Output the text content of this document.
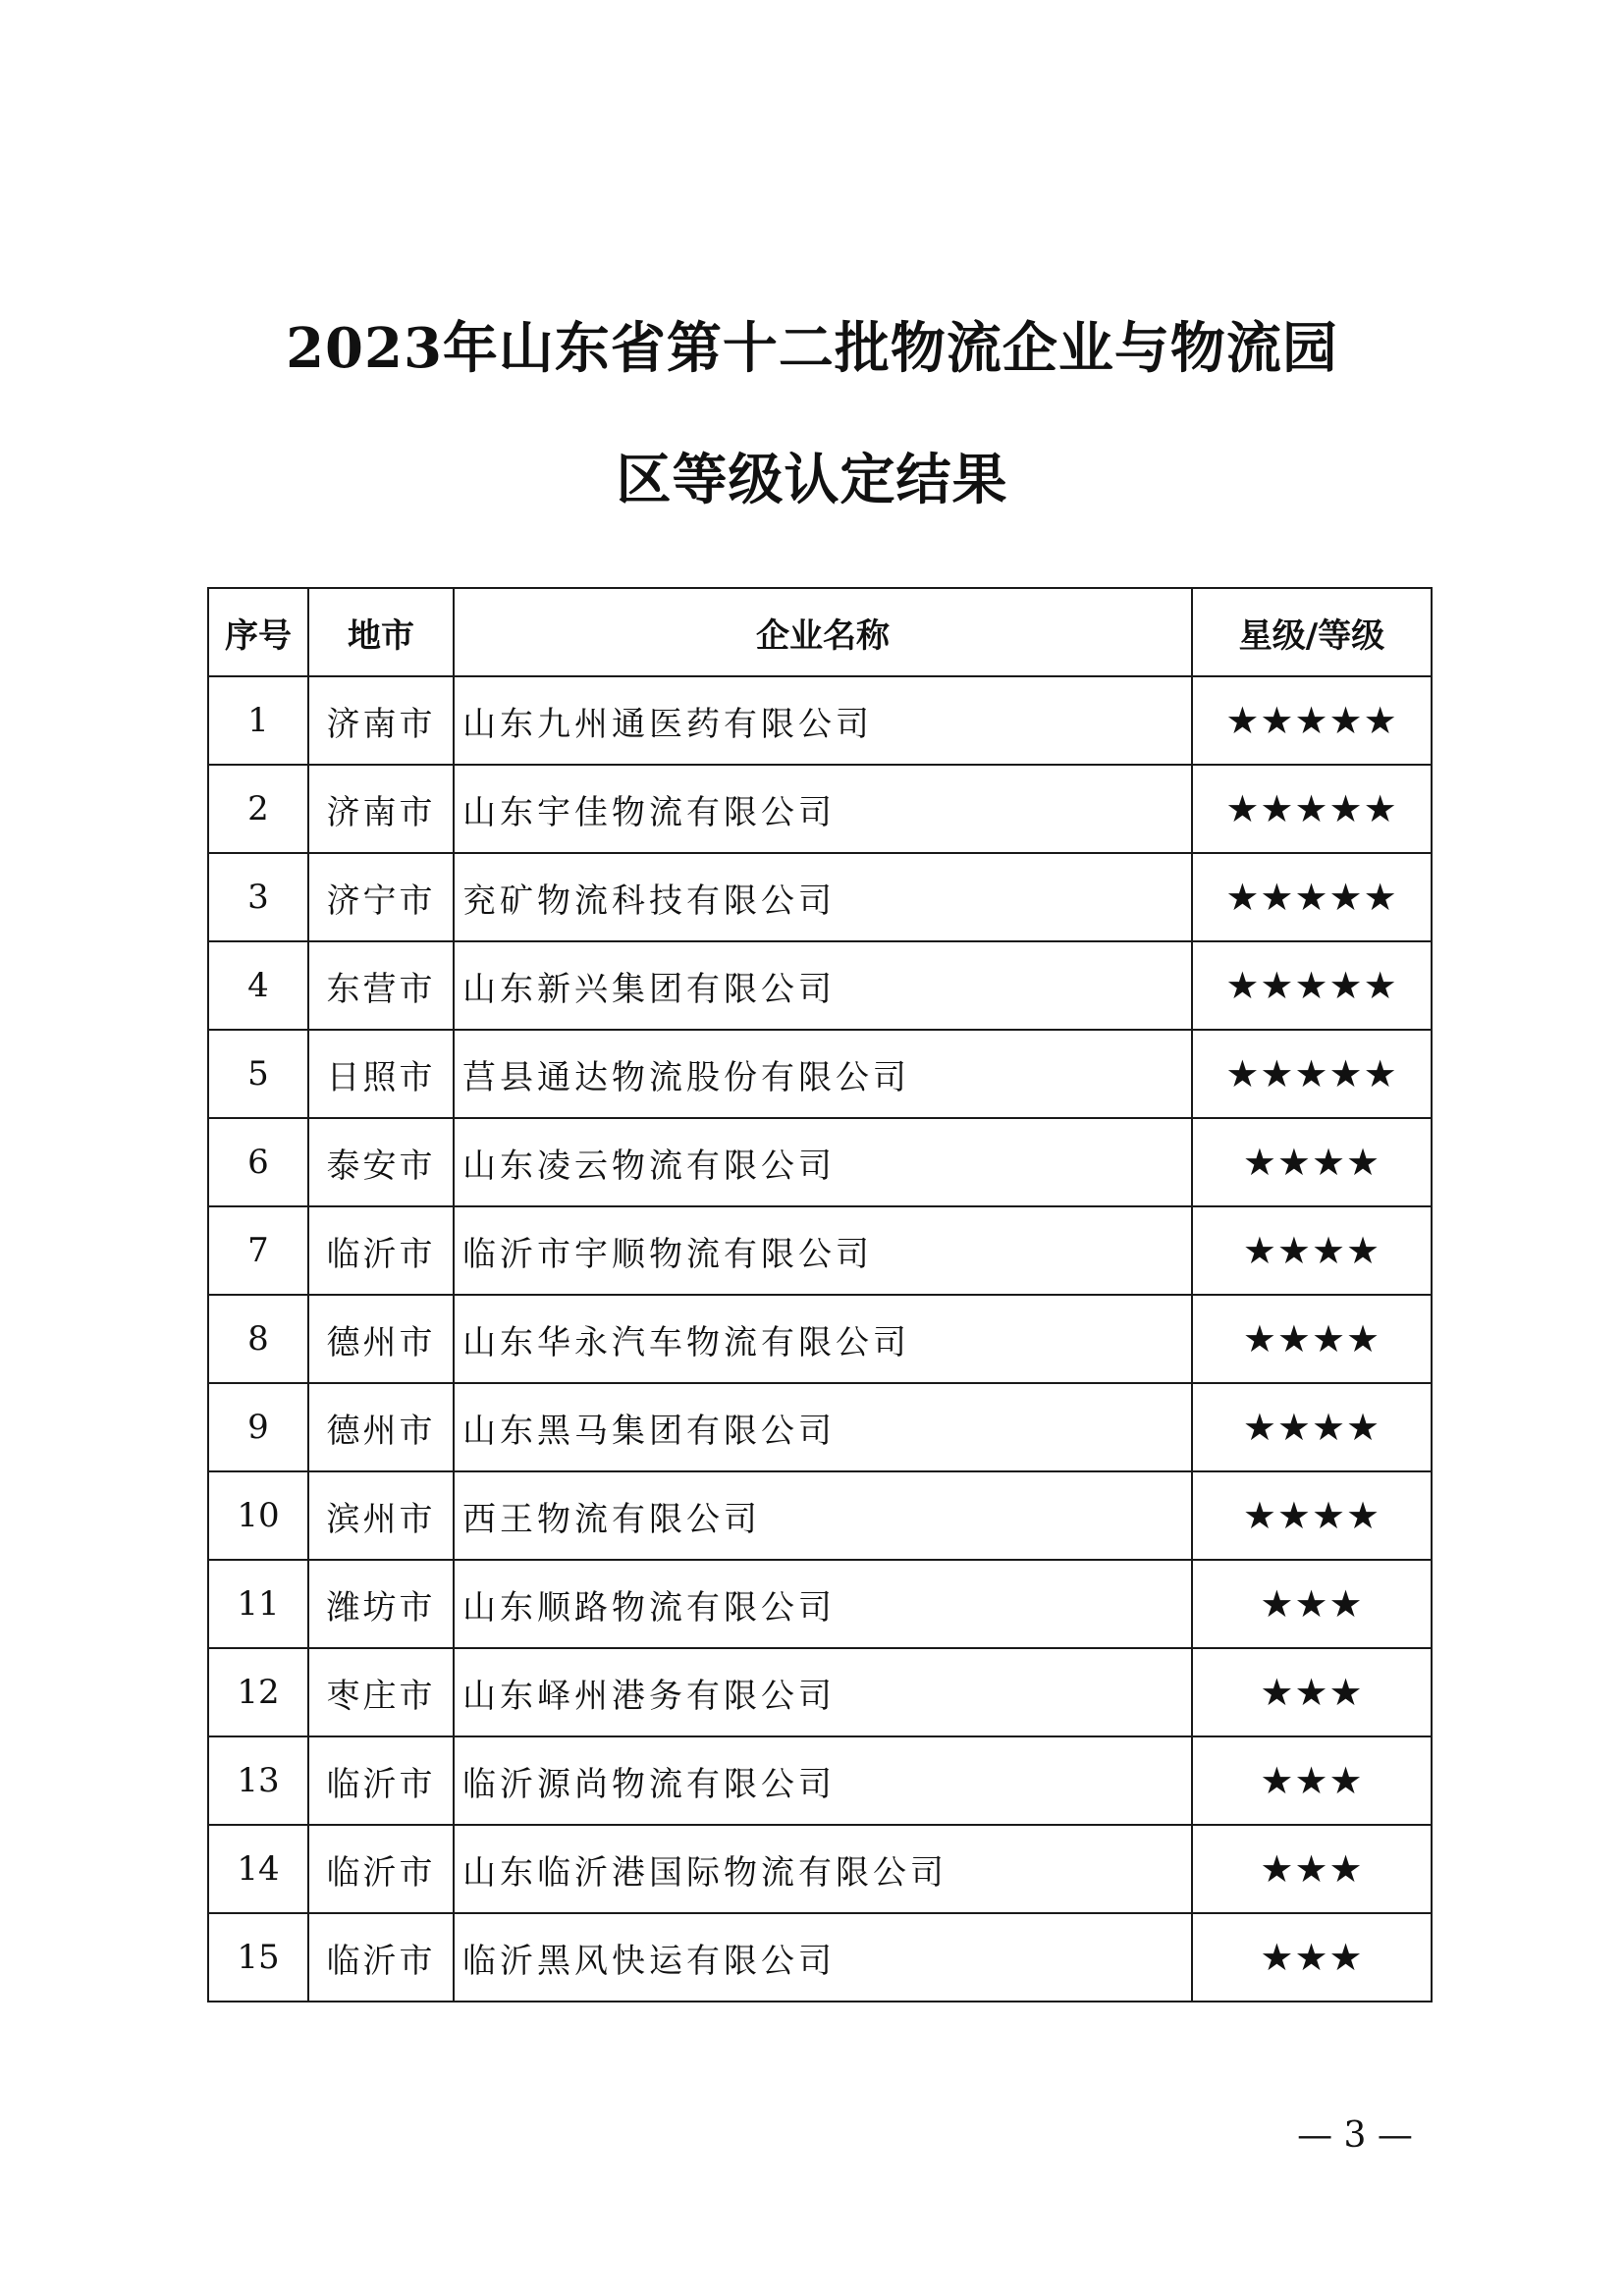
2023年山东省第十二批物流企业与物流园
区等级认定结果
序号	地市	企业名称	星级/等级
1	济南市	山东九州通医药有限公司	★★★★★
2	济南市	山东宇佳物流有限公司	★★★★★
3	济宁市	兖矿物流科技有限公司	★★★★★
4	东营市	山东新兴集团有限公司	★★★★★
5	日照市	莒县通达物流股份有限公司	★★★★★
6	泰安市	山东凌云物流有限公司	★★★★
7	临沂市	临沂市宇顺物流有限公司	★★★★
8	德州市	山东华永汽车物流有限公司	★★★★
9	德州市	山东黑马集团有限公司	★★★★
10	滨州市	西王物流有限公司	★★★★
11	潍坊市	山东顺路物流有限公司	★★★
12	枣庄市	山东峄州港务有限公司	★★★
13	临沂市	临沂源尚物流有限公司	★★★
14	临沂市	山东临沂港国际物流有限公司	★★★
15	临沂市	临沂黑风快运有限公司	★★★
— 3 —
